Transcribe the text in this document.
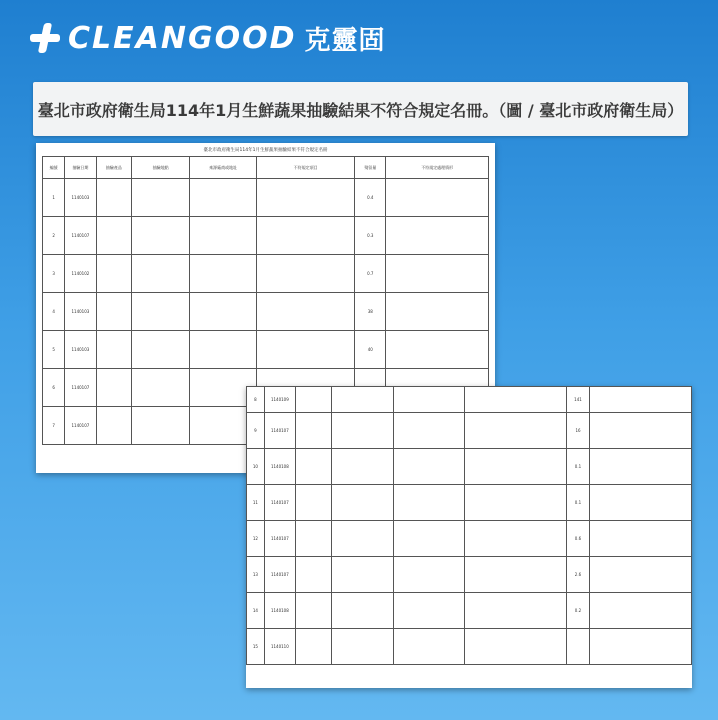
CLEANGOOD 克靈固
臺北市政府衛生局114年1月生鮮蔬果抽驗結果不符合規定名冊。（圖 / 臺北市政府衛生局）
臺北市政府衛生局114年1月生鮮蔬果抽驗結果不符合規定名冊
編號	抽驗日期	抽驗產品	抽驗地點	來源廠商或地址	不符規定項目	殘留量	不符規定處理情形
1	1140103					0.4	
2	1140107					0.3	
3	1140102					0.7	
4	1140103					38	
5	1140103					40	
6	1140107						
7	1140107						
8	1140109					141	
9	1140107					16	
10	1140108					0.1	
11	1140107					0.1	
12	1140107					0.6	
13	1140107					2.6	
14	1140108					0.2	
15	1140110						
